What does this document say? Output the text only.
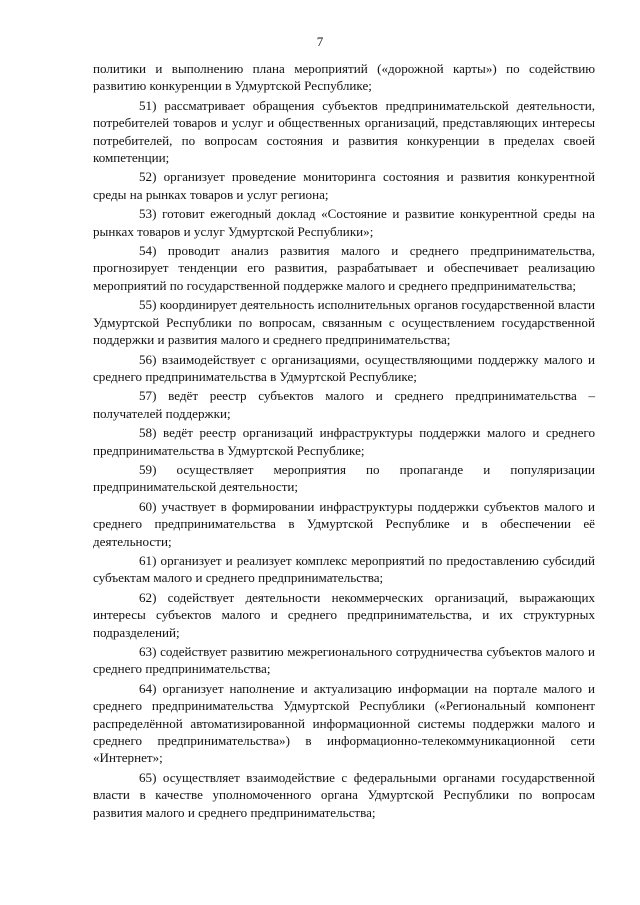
7

политики и выполнению плана мероприятий («дорожной карты») по содействию развитию конкуренции в Удмуртской Республике;

51) рассматривает обращения субъектов предпринимательской деятельности, потребителей товаров и услуг и общественных организаций, представляющих интересы потребителей, по вопросам состояния и развития конкуренции в пределах своей компетенции;

52) организует проведение мониторинга состояния и развития конкурентной среды на рынках товаров и услуг региона;

53) готовит ежегодный доклад «Состояние и развитие конкурентной среды на рынках товаров и услуг Удмуртской Республики»;

54) проводит анализ развития малого и среднего предпринимательства, прогнозирует тенденции его развития, разрабатывает и обеспечивает реализацию мероприятий по государственной поддержке малого и среднего предпринимательства;

55) координирует деятельность исполнительных органов государственной власти Удмуртской Республики по вопросам, связанным с осуществлением государственной поддержки и развития малого и среднего предпринимательства;

56) взаимодействует с организациями, осуществляющими поддержку малого и среднего предпринимательства в Удмуртской Республике;

57) ведёт реестр субъектов малого и среднего предпринимательства – получателей поддержки;

58) ведёт реестр организаций инфраструктуры поддержки малого и среднего предпринимательства в Удмуртской Республике;

59) осуществляет мероприятия по пропаганде и популяризации предпринимательской деятельности;

60) участвует в формировании инфраструктуры поддержки субъектов малого и среднего предпринимательства в Удмуртской Республике и в обеспечении её деятельности;

61) организует и реализует комплекс мероприятий по предоставлению субсидий субъектам малого и среднего предпринимательства;

62) содействует деятельности некоммерческих организаций, выражающих интересы субъектов малого и среднего предпринимательства, и их структурных подразделений;

63) содействует развитию межрегионального сотрудничества субъектов малого и среднего предпринимательства;

64) организует наполнение и актуализацию информации на портале малого и среднего предпринимательства Удмуртской Республики («Региональный компонент распределённой автоматизированной информационной системы поддержки малого и среднего предпринимательства») в информационно-телекоммуникационной сети «Интернет»;

65) осуществляет взаимодействие с федеральными органами государственной власти в качестве уполномоченного органа Удмуртской Республики по вопросам развития малого и среднего предпринимательства;
